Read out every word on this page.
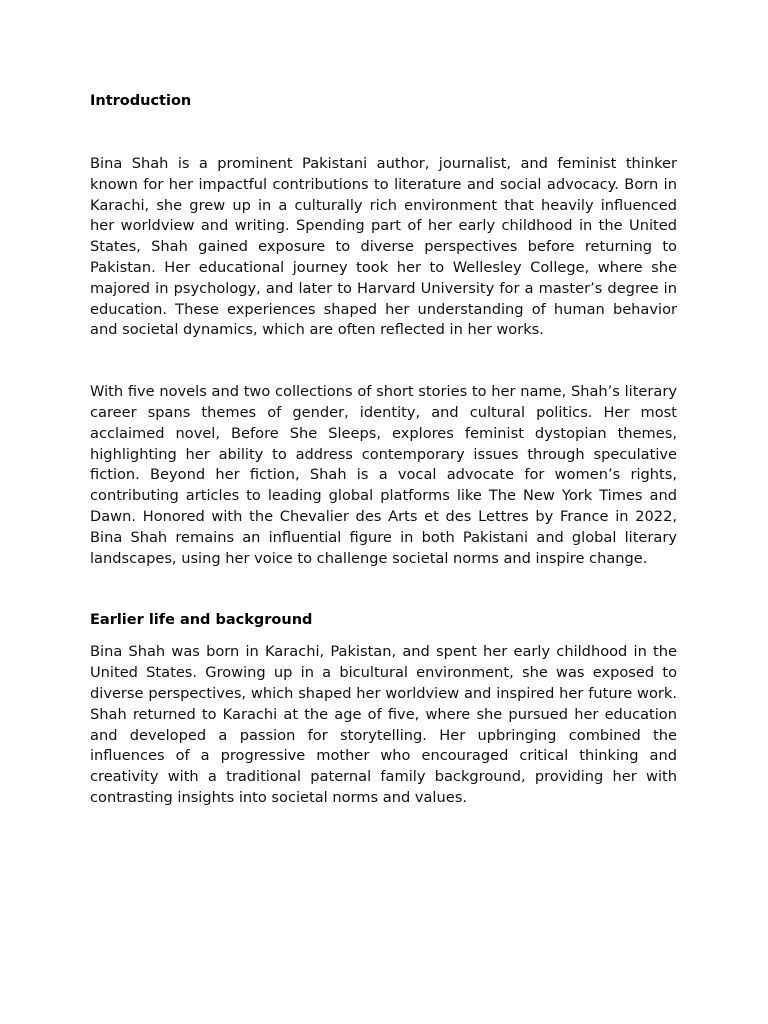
Introduction

Bina Shah is a prominent Pakistani author, journalist, and feminist thinker known for her impactful contributions to literature and social advocacy. Born in Karachi, she grew up in a culturally rich environment that heavily influenced her worldview and writing. Spending part of her early childhood in the United States, Shah gained exposure to diverse perspectives before returning to Pakistan. Her educational journey took her to Wellesley College, where she majored in psychology, and later to Harvard University for a master’s degree in education. These experiences shaped her understanding of human behavior and societal dynamics, which are often reflected in her works.

With five novels and two collections of short stories to her name, Shah’s literary career spans themes of gender, identity, and cultural politics. Her most acclaimed novel, Before She Sleeps, explores feminist dystopian themes, highlighting her ability to address contemporary issues through speculative fiction. Beyond her fiction, Shah is a vocal advocate for women’s rights, contributing articles to leading global platforms like The New York Times and Dawn. Honored with the Chevalier des Arts et des Lettres by France in 2022, Bina Shah remains an influential figure in both Pakistani and global literary landscapes, using her voice to challenge societal norms and inspire change.

Earlier life and background

Bina Shah was born in Karachi, Pakistan, and spent her early childhood in the United States. Growing up in a bicultural environment, she was exposed to diverse perspectives, which shaped her worldview and inspired her future work. Shah returned to Karachi at the age of five, where she pursued her education and developed a passion for storytelling. Her upbringing combined the influences of a progressive mother who encouraged critical thinking and creativity with a traditional paternal family background, providing her with contrasting insights into societal norms and values.
